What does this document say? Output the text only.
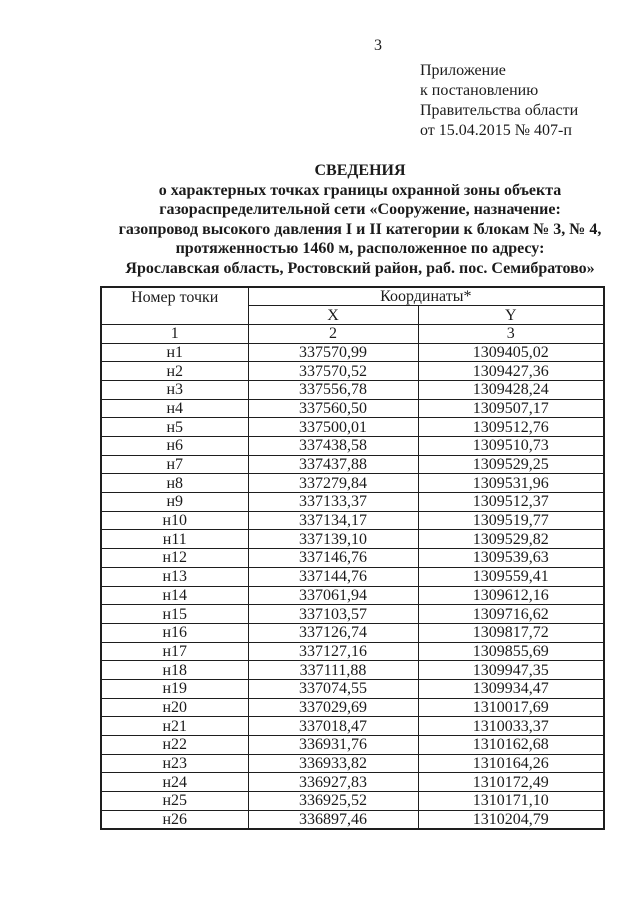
3
Приложение
к постановлению
Правительства области
от 15.04.2015 № 407-п
СВЕДЕНИЯ
о характерных точках границы охранной зоны объекта
газораспределительной сети «Сооружение, назначение:
газопровод высокого давления I и II категории к блокам № 3, № 4,
протяженностью 1460 м, расположенное по адресу:
Ярославская область, Ростовский район, раб. пос. Семибратово»
Номер точки	Координаты*	
	X	Y
1	2	3
н1	337570,99	1309405,02
н2	337570,52	1309427,36
н3	337556,78	1309428,24
н4	337560,50	1309507,17
н5	337500,01	1309512,76
н6	337438,58	1309510,73
н7	337437,88	1309529,25
н8	337279,84	1309531,96
н9	337133,37	1309512,37
н10	337134,17	1309519,77
н11	337139,10	1309529,82
н12	337146,76	1309539,63
н13	337144,76	1309559,41
н14	337061,94	1309612,16
н15	337103,57	1309716,62
н16	337126,74	1309817,72
н17	337127,16	1309855,69
н18	337111,88	1309947,35
н19	337074,55	1309934,47
н20	337029,69	1310017,69
н21	337018,47	1310033,37
н22	336931,76	1310162,68
н23	336933,82	1310164,26
н24	336927,83	1310172,49
н25	336925,52	1310171,10
н26	336897,46	1310204,79
